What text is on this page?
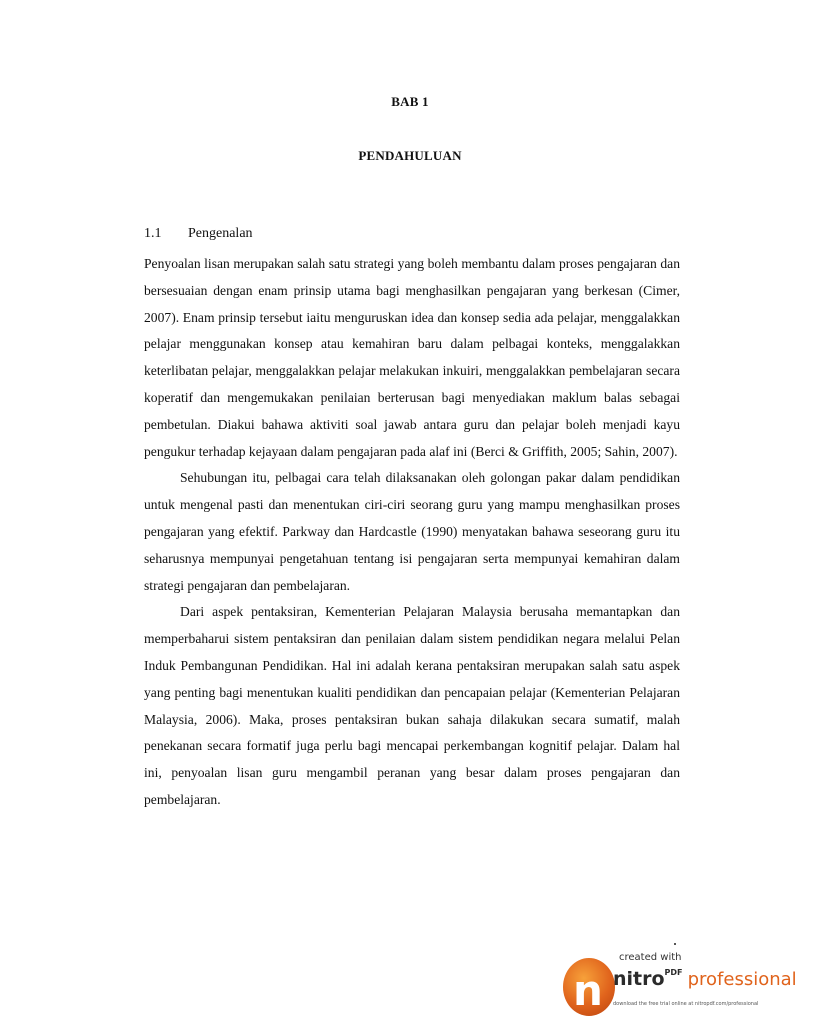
BAB 1
PENDAHULUAN
1.1 Pengenalan

Penyoalan lisan merupakan salah satu strategi yang boleh membantu dalam proses pengajaran dan bersesuaian dengan enam prinsip utama bagi menghasilkan pengajaran yang berkesan (Cimer, 2007). Enam prinsip tersebut iaitu menguruskan idea dan konsep sedia ada pelajar, menggalakkan pelajar menggunakan konsep atau kemahiran baru dalam pelbagai konteks, menggalakkan keterlibatan pelajar, menggalakkan pelajar melakukan inkuiri, menggalakkan pembelajaran secara koperatif dan mengemukakan penilaian berterusan bagi menyediakan maklum balas sebagai pembetulan. Diakui bahawa aktiviti soal jawab antara guru dan pelajar boleh menjadi kayu pengukur terhadap kejayaan dalam pengajaran pada alaf ini (Berci & Griffith, 2005; Sahin, 2007).

Sehubungan itu, pelbagai cara telah dilaksanakan oleh golongan pakar dalam pendidikan untuk mengenal pasti dan menentukan ciri-ciri seorang guru yang mampu menghasilkan proses pengajaran yang efektif. Parkway dan Hardcastle (1990) menyatakan bahawa seseorang guru itu seharusnya mempunyai pengetahuan tentang isi pengajaran serta mempunyai kemahiran dalam strategi pengajaran dan pembelajaran.

Dari aspek pentaksiran, Kementerian Pelajaran Malaysia berusaha memantapkan dan memperbaharui sistem pentaksiran dan penilaian dalam sistem pendidikan negara melalui Pelan Induk Pembangunan Pendidikan. Hal ini adalah kerana pentaksiran merupakan salah satu aspek yang penting bagi menentukan kualiti pendidikan dan pencapaian pelajar (Kementerian Pelajaran Malaysia, 2006). Maka, proses pentaksiran bukan sahaja dilakukan secara sumatif, malah penekanan secara formatif juga perlu bagi mencapai perkembangan kognitif pelajar. Dalam hal ini, penyoalan lisan guru mengambil peranan yang besar dalam proses pengajaran dan pembelajaran.

n
created with
nitro$^{PDF}$ professional
download the free trial online at nitropdf.com/professional
